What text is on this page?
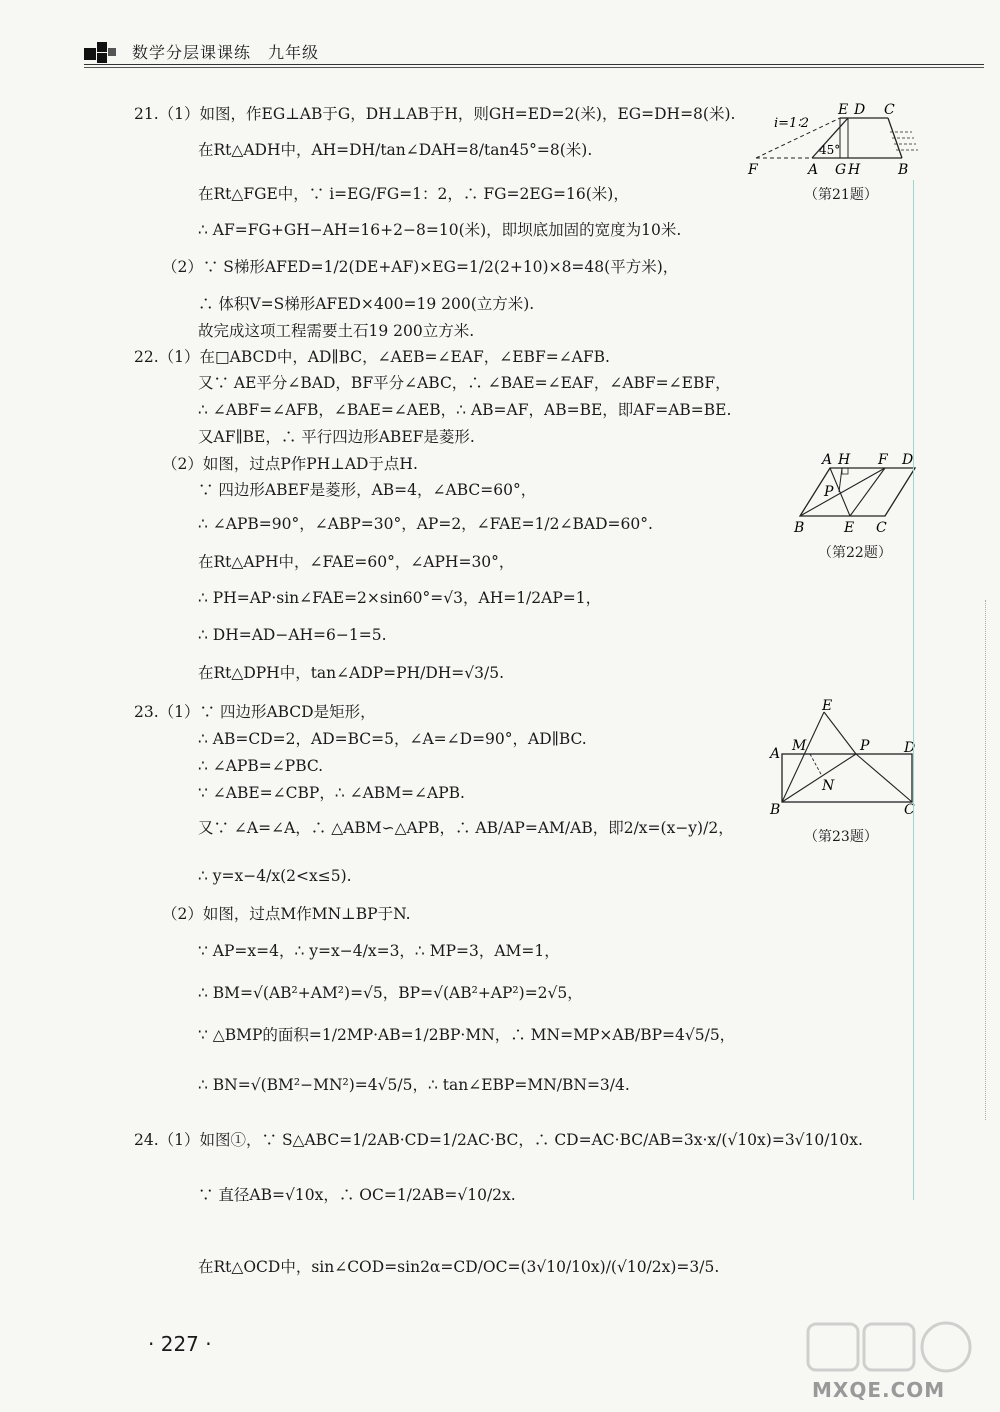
数学分层课课练　九年级
21.（1）如图，作EG⊥AB于G，DH⊥AB于H，则GH=ED=2(米)，EG=DH=8(米).
在Rt△ADH中，AH=DH/tan∠DAH=8/tan45°=8(米).
在Rt△FGE中，∵ i=EG/FG=1：2，∴ FG=2EG=16(米)，
∴ AF=FG+GH−AH=16+2−8=10(米)，即坝底加固的宽度为10米.
（2）∵ S梯形AFED=1/2(DE+AF)×EG=1/2(2+10)×8=48(平方米)，
∴ 体积V=S梯形AFED×400=19 200(立方米).
故完成这项工程需要土石19 200立方米.
22.（1）在□ABCD中，AD∥BC，∠AEB=∠EAF，∠EBF=∠AFB.
又∵ AE平分∠BAD，BF平分∠ABC，∴ ∠BAE=∠EAF，∠ABF=∠EBF，
∴ ∠ABF=∠AFB，∠BAE=∠AEB，∴ AB=AF，AB=BE，即AF=AB=BE.
又AF∥BE，∴ 平行四边形ABEF是菱形.
（2）如图，过点P作PH⊥AD于点H.
∵ 四边形ABEF是菱形，AB=4，∠ABC=60°，
∴ ∠APB=90°，∠ABP=30°，AP=2，∠FAE=1/2∠BAD=60°.
在Rt△APH中，∠FAE=60°，∠APH=30°，
∴ PH=AP·sin∠FAE=2×sin60°=√3，AH=1/2AP=1，
∴ DH=AD−AH=6−1=5.
在Rt△DPH中，tan∠ADP=PH/DH=√3/5.
23.（1）∵ 四边形ABCD是矩形，
∴ AB=CD=2，AD=BC=5，∠A=∠D=90°，AD∥BC.
∴ ∠APB=∠PBC.
∵ ∠ABE=∠CBP，∴ ∠ABM=∠APB.
又∵ ∠A=∠A，∴ △ABM∽△APB，∴ AB/AP=AM/AB，即2/x=(x−y)/2，
∴ y=x−4/x(2<x≤5).
（2）如图，过点M作MN⊥BP于N.
∵ AP=x=4，∴ y=x−4/x=3，∴ MP=3，AM=1，
∴ BM=√(AB²+AM²)=√5，BP=√(AB²+AP²)=2√5，
∵ △BMP的面积=1/2MP·AB=1/2BP·MN，∴ MN=MP×AB/BP=4√5/5，
∴ BN=√(BM²−MN²)=4√5/5，∴ tan∠EBP=MN/BN=3/4.
24.（1）如图①，∵ S△ABC=1/2AB·CD=1/2AC·BC，∴ CD=AC·BC/AB=3x·x/(√10x)=3√10/10x.
∵ 直径AB=√10x，∴ OC=1/2AB=√10/2x.
在Rt△OCD中，sin∠COD=sin2α=CD/OC=(3√10/10x)/(√10/2x)=3/5.
E D C
i=1∶2
45°
F	A G H	B
（第21题）
A H F D
P
B	E C
（第22题）
E
A M	P D
N
B	C
（第23题）
· 227 ·
MXQE.COM
